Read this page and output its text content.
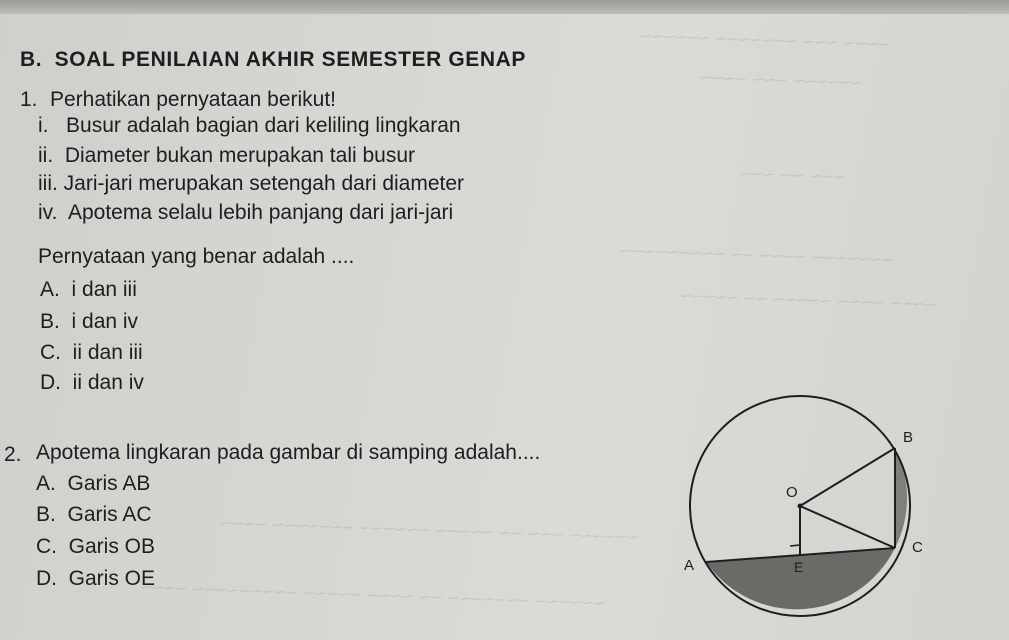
~~~~ ~~~ ~~~~~~~ ~~~~~~
~~~~~~ ~~~ ~~~~
~~~ ~~ ~~~
~~~~~~~ ~~~~ ~~ ~~~~~~~~~
~~~~ ~~~~ ~~~~~ ~~ ~~~~~
~~~~~~ ~~~ ~~ ~~~~~ ~~~~~~ ~~~~~~~ ~~~~
~~~~~~ ~~~~~~~ ~~ ~~~~ ~~~~~ ~~~~~~~~~ ~~~~
B. SOAL PENILAIAN AKHIR SEMESTER GENAP
1. Perhatikan pernyataan berikut!
i.   Busur adalah bagian dari keliling lingkaran
ii.  Diameter bukan merupakan tali busur
iii. Jari-jari merupakan setengah dari diameter
iv.  Apotema selalu lebih panjang dari jari-jari
Pernyataan yang benar adalah ....
A.  i dan iii
B.  i dan iv
C.  ii dan iii
D.  ii dan iv
2. Apotema lingkaran pada gambar di samping adalah....
A.  Garis AB
B.  Garis AC
C.  Garis OB
D.  Garis OE
B
O
C
A	E
